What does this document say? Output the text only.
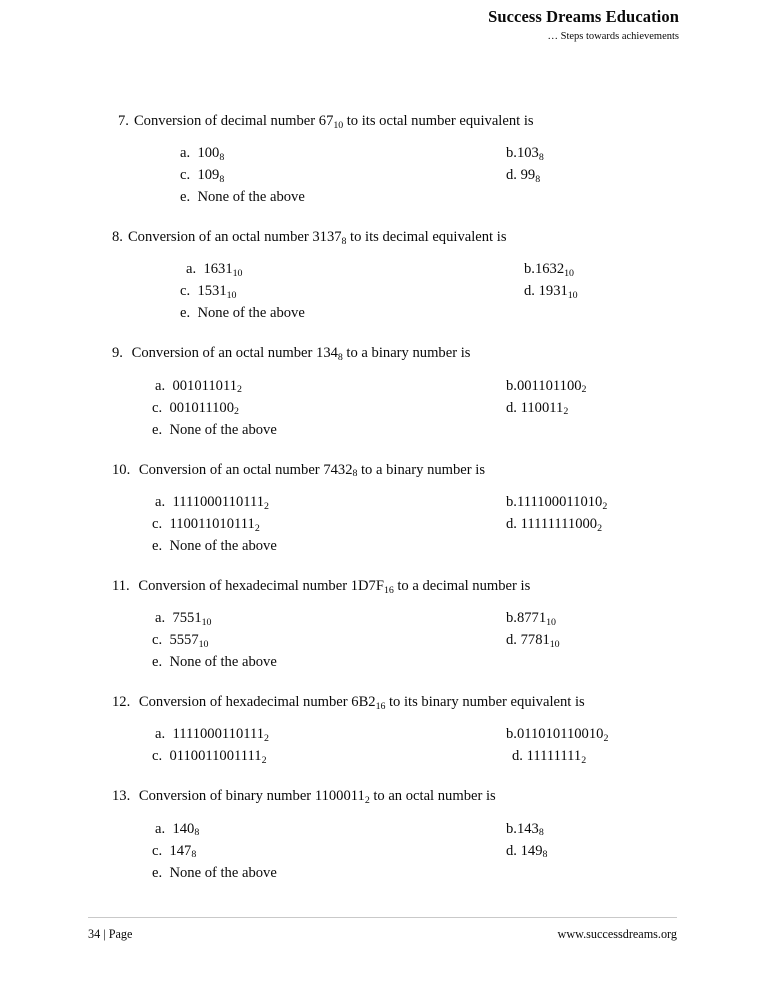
Success Dreams Education
… Steps towards achievements
7. Conversion of decimal number $67_{10}$ to its octal number equivalent is
a. $100_8$	$b.103_8$
c. $109_8$	d. $99_8$
e. None of the above
8. Conversion of an octal number $3137_8$ to its decimal equivalent is
a. $1631_{10}$	$b.1632_{10}$
c. $1531_{10}$	d. $1931_{10}$
e. None of the above
9. Conversion of an octal number $134_8$ to a binary number is
a. $001011011_2$	$b.001101100_2$
c. $001011100_2$	d. $110011_2$
e. None of the above
10. Conversion of an octal number $7432_8$ to a binary number is
a. $1111000110111_2$	$b.111100011010_2$
c. $110011010111_2$	d. $11111111000_2$
e. None of the above
11. Conversion of hexadecimal number $1D7F_{16}$ to a decimal number is
a. $7551_{10}$	$b.8771_{10}$
c. $5557_{10}$	d. $7781_{10}$
e. None of the above
12. Conversion of hexadecimal number $6B2_{16}$ to its binary number equivalent is
a. $1111000110111_2$	$b.011010110010_2$
c. $0110011001111_2$	d. $11111111_2$
13. Conversion of binary number $1100011_2$ to an octal number is
a. $140_8$	$b.143_8$
c. $147_8$	d. $149_8$
e. None of the above
34 | Page	www.successdreams.org
